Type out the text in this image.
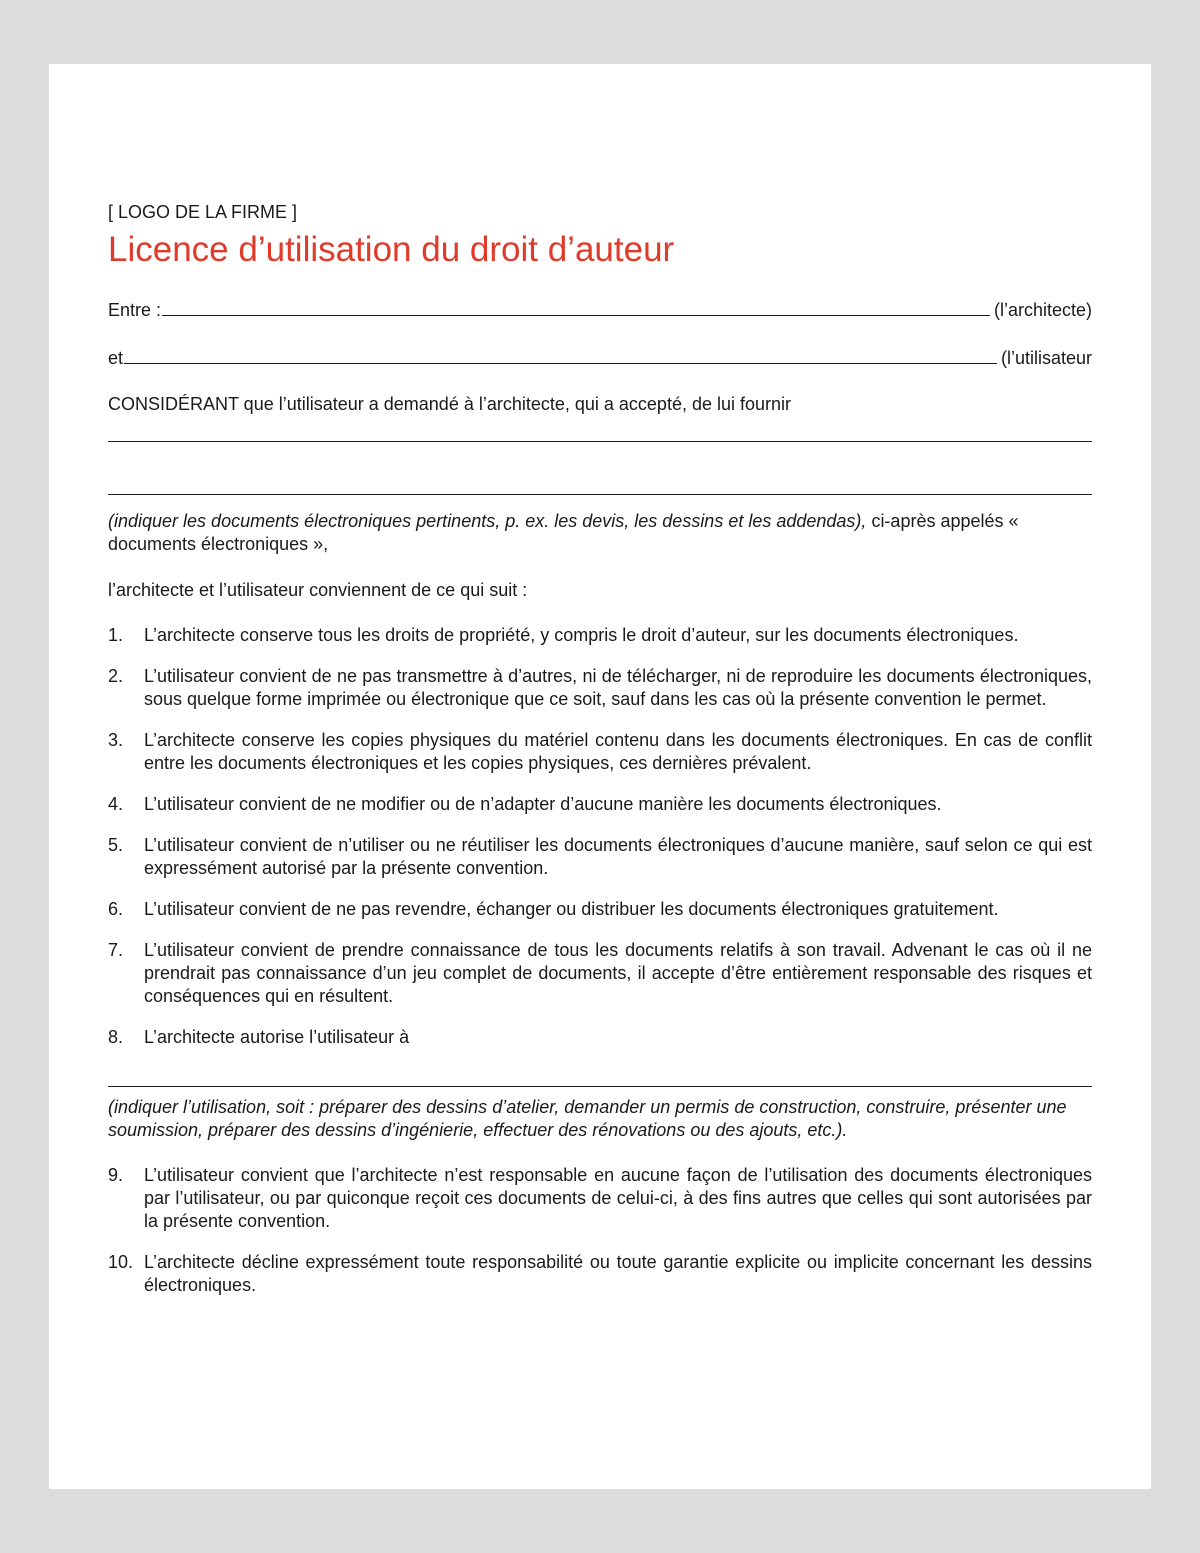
[ LOGO DE LA FIRME ]

Licence d’utilisation du droit d’auteur
Entre :	(l’architecte)
et	(l’utilisateur
CONSIDÉRANT que l’utilisateur a demandé à l’architecte, qui a accepté, de lui fournir
(indiquer les documents électroniques pertinents, p. ex. les devis, les dessins et les addendas), ci-après appelés « documents électroniques »,
l’architecte et l’utilisateur conviennent de ce qui suit :
1.	L’architecte conserve tous les droits de propriété, y compris le droit d’auteur, sur les documents électroniques.
2.	L’utilisateur convient de ne pas transmettre à d’autres, ni de télécharger, ni de reproduire les documents électroniques, sous quelque forme imprimée ou électronique que ce soit, sauf dans les cas où la présente convention le permet.
3.	L’architecte conserve les copies physiques du matériel contenu dans les documents électroniques. En cas de conflit entre les documents électroniques et les copies physiques, ces dernières prévalent.
4.	L’utilisateur convient de ne modifier ou de n’adapter d’aucune manière les documents électroniques.
5.	L’utilisateur convient de n’utiliser ou ne réutiliser les documents électroniques d’aucune manière, sauf selon ce qui est expressément autorisé par la présente convention.
6.	L’utilisateur convient de ne pas revendre, échanger ou distribuer les documents électroniques gratuitement.
7.	L’utilisateur convient de prendre connaissance de tous les documents relatifs à son travail. Advenant le cas où il ne prendrait pas connaissance d’un jeu complet de documents, il accepte d’être entièrement responsable des risques et conséquences qui en résultent.
8.	L’architecte autorise l’utilisateur à
(indiquer l’utilisation, soit : préparer des dessins d’atelier, demander un permis de construction, construire, présenter une soumission, préparer des dessins d’ingénierie, effectuer des rénovations ou des ajouts, etc.).
9.	L’utilisateur convient que l’architecte n’est responsable en aucune façon de l’utilisation des documents électroniques par l’utilisateur, ou par quiconque reçoit ces documents de celui-ci, à des fins autres que celles qui sont autorisées par la présente convention.
10. L’architecte décline expressément toute responsabilité ou toute garantie explicite ou implicite concernant les dessins électroniques.
